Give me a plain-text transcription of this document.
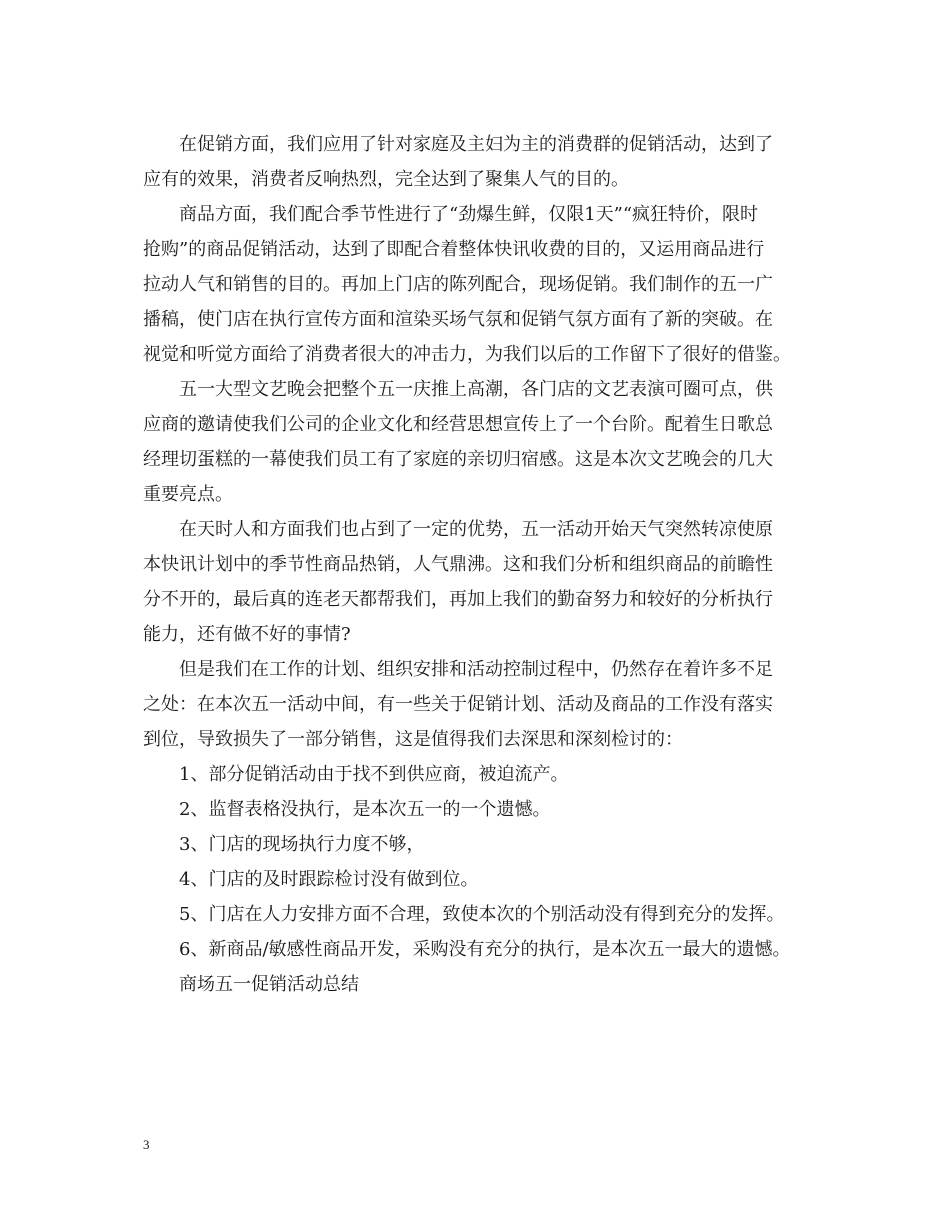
在促销方面，我们应用了针对家庭及主妇为主的消费群的促销活动，达到了
应有的效果，消费者反响热烈，完全达到了聚集人气的目的。

商品方面，我们配合季节性进行了“劲爆生鲜，仅限1天”“疯狂特价，限时
抢购”的商品促销活动，达到了即配合着整体快讯收费的目的，又运用商品进行
拉动人气和销售的目的。再加上门店的陈列配合，现场促销。我们制作的五一广
播稿，使门店在执行宣传方面和渲染买场气氛和促销气氛方面有了新的突破。在
视觉和听觉方面给了消费者很大的冲击力，为我们以后的工作留下了很好的借鉴。

五一大型文艺晚会把整个五一庆推上高潮，各门店的文艺表演可圈可点，供
应商的邀请使我们公司的企业文化和经营思想宣传上了一个台阶。配着生日歌总
经理切蛋糕的一幕使我们员工有了家庭的亲切归宿感。这是本次文艺晚会的几大
重要亮点。

在天时人和方面我们也占到了一定的优势，五一活动开始天气突然转凉使原
本快讯计划中的季节性商品热销，人气鼎沸。这和我们分析和组织商品的前瞻性
分不开的，最后真的连老天都帮我们，再加上我们的勤奋努力和较好的分析执行
能力，还有做不好的事情?

但是我们在工作的计划、组织安排和活动控制过程中，仍然存在着许多不足
之处：在本次五一活动中间，有一些关于促销计划、活动及商品的工作没有落实
到位，导致损失了一部分销售，这是值得我们去深思和深刻检讨的：

1、部分促销活动由于找不到供应商，被迫流产。
2、监督表格没执行，是本次五一的一个遗憾。
3、门店的现场执行力度不够，
4、门店的及时跟踪检讨没有做到位。
5、门店在人力安排方面不合理，致使本次的个别活动没有得到充分的发挥。
6、新商品/敏感性商品开发，采购没有充分的执行，是本次五一最大的遗憾。
商场五一促销活动总结
3
